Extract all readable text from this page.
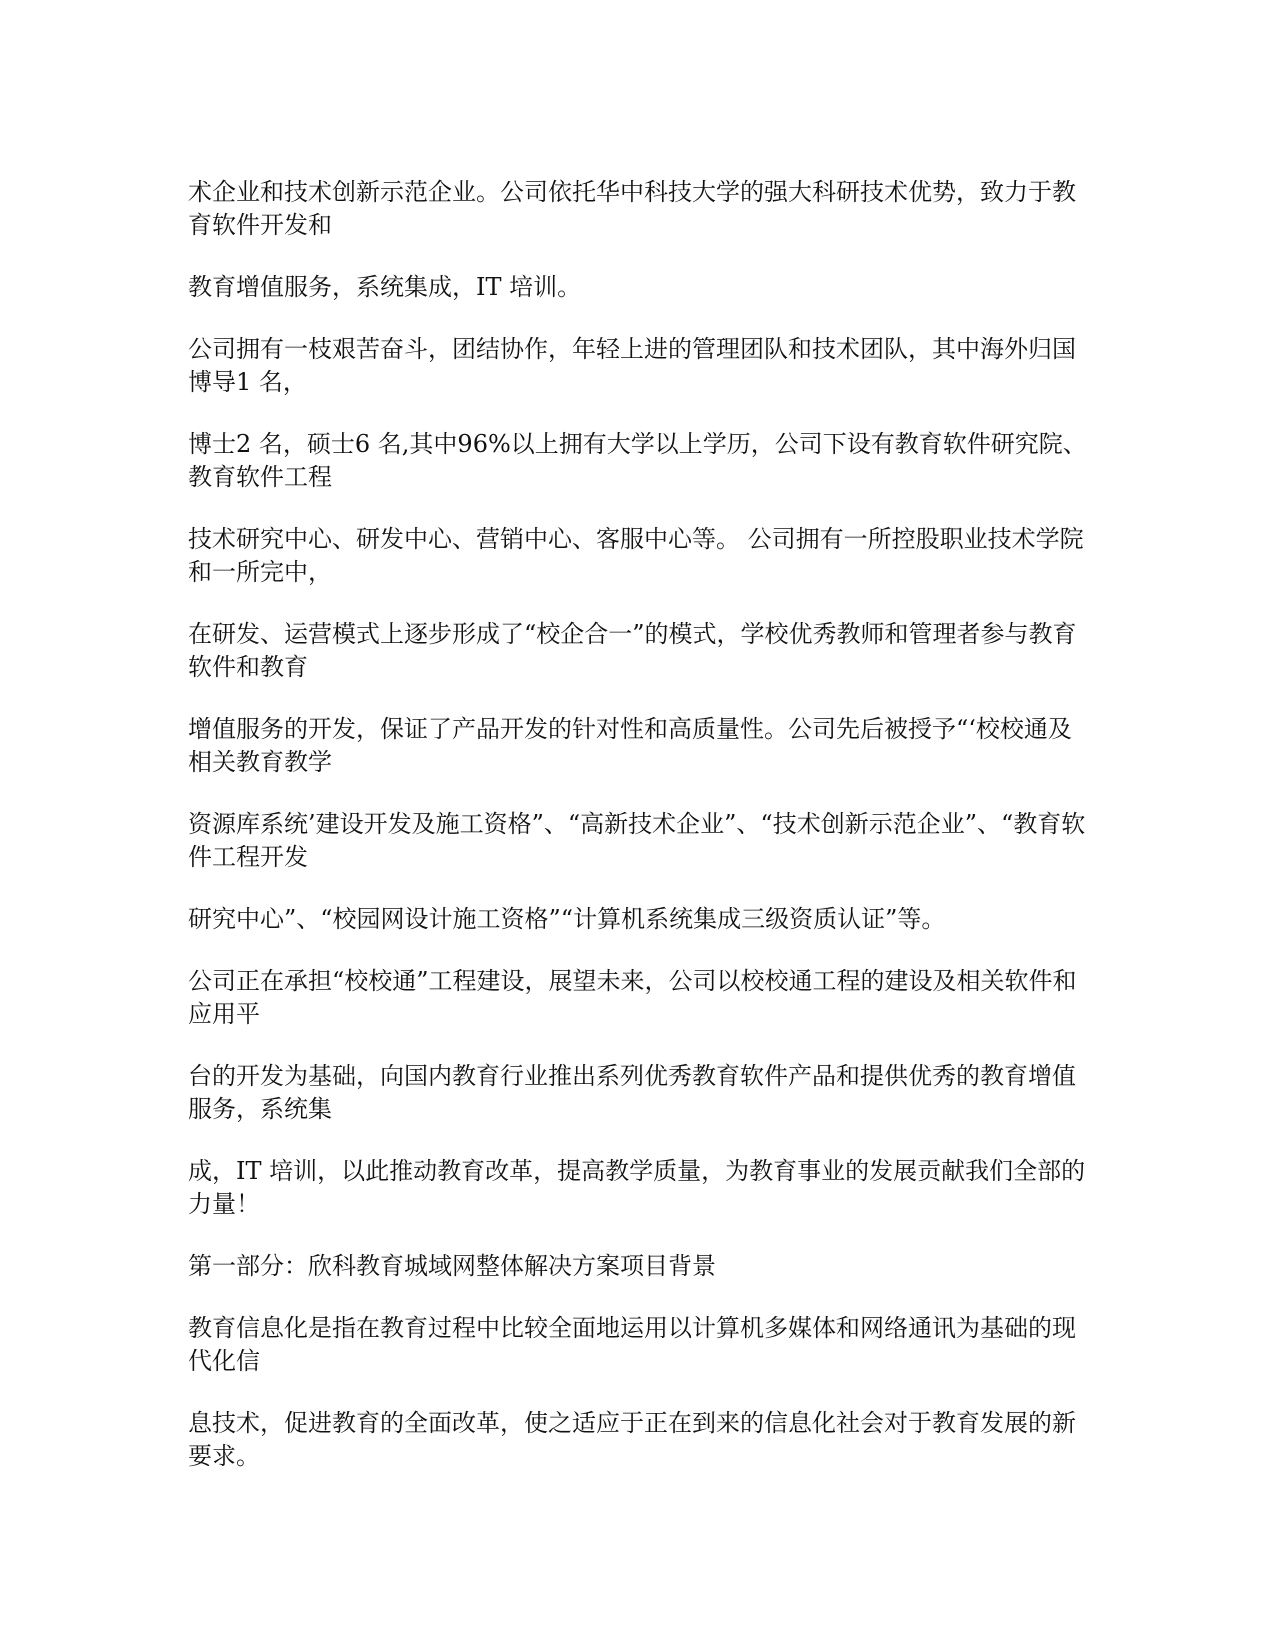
术企业和技术创新示范企业。公司依托华中科技大学的强大科研技术优势，致力于教育软件开发和

教育增值服务，系统集成，IT 培训。

公司拥有一枝艰苦奋斗，团结协作，年轻上进的管理团队和技术团队，其中海外归国博导1 名，

博士2 名，硕士6 名,其中96%以上拥有大学以上学历，公司下设有教育软件研究院、教育软件工程

技术研究中心、研发中心、营销中心、客服中心等。 公司拥有一所控股职业技术学院和一所完中，

在研发、运营模式上逐步形成了“校企合一”的模式，学校优秀教师和管理者参与教育软件和教育

增值服务的开发，保证了产品开发的针对性和高质量性。公司先后被授予“‘校校通及相关教育教学

资源库系统’建设开发及施工资格”、“高新技术企业”、“技术创新示范企业”、“教育软件工程开发

研究中心”、“校园网设计施工资格”“计算机系统集成三级资质认证”等。

公司正在承担“校校通”工程建设，展望未来，公司以校校通工程的建设及相关软件和应用平

台的开发为基础，向国内教育行业推出系列优秀教育软件产品和提供优秀的教育增值服务，系统集

成，IT 培训，以此推动教育改革，提高教学质量，为教育事业的发展贡献我们全部的力量！

第一部分：欣科教育城域网整体解决方案项目背景

教育信息化是指在教育过程中比较全面地运用以计算机多媒体和网络通讯为基础的现代化信

息技术，促进教育的全面改革，使之适应于正在到来的信息化社会对于教育发展的新要求。
